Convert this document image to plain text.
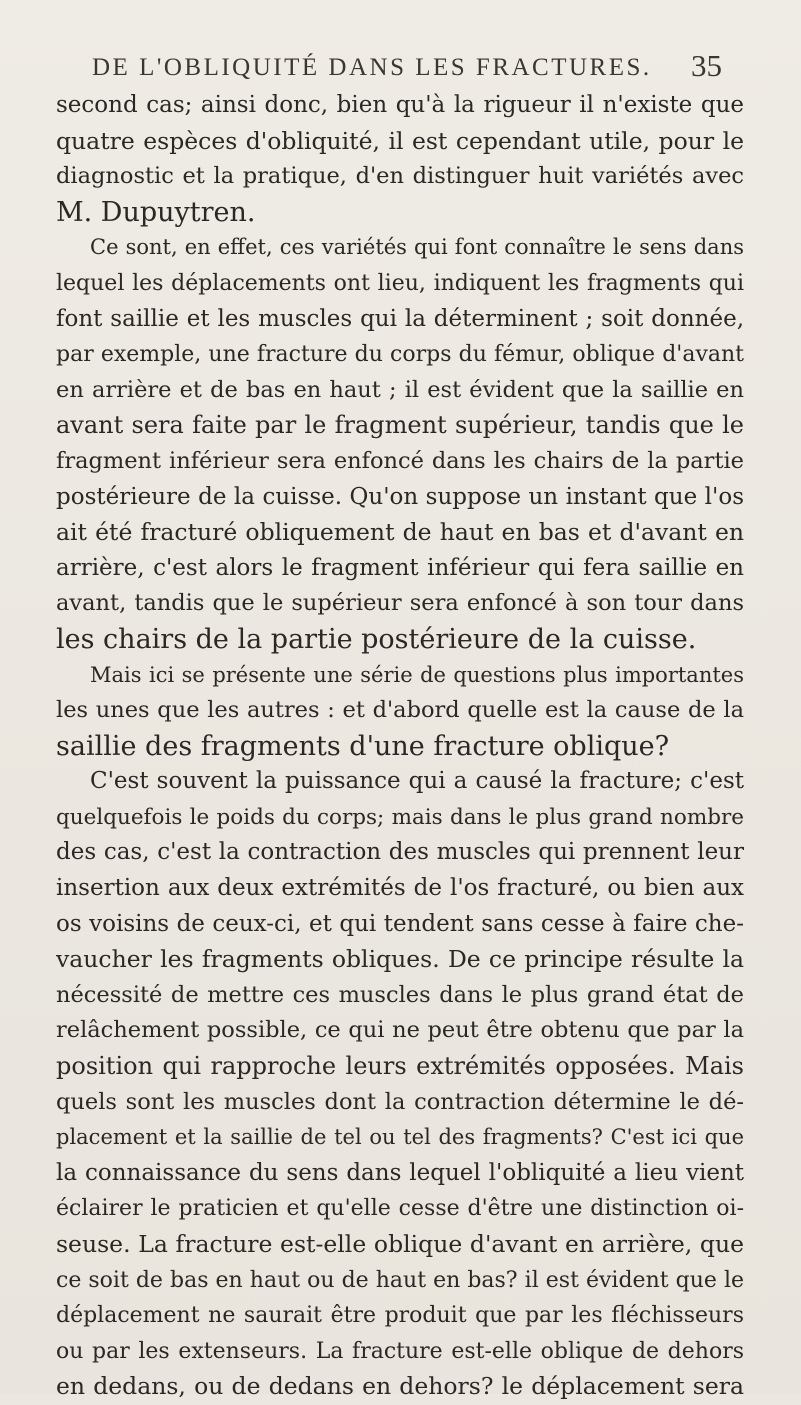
DE L'OBLIQUITÉ DANS LES FRACTURES. 35
second cas; ainsi donc, bien qu'à la rigueur il n'existe que
quatre espèces d'obliquité, il est cependant utile, pour le
diagnostic et la pratique, d'en distinguer huit variétés avec
M. Dupuytren.
Ce sont, en effet, ces variétés qui font connaître le sens dans
lequel les déplacements ont lieu, indiquent les fragments qui
font saillie et les muscles qui la déterminent ; soit donnée,
par exemple, une fracture du corps du fémur, oblique d'avant
en arrière et de bas en haut ; il est évident que la saillie en
avant sera faite par le fragment supérieur, tandis que le
fragment inférieur sera enfoncé dans les chairs de la partie
postérieure de la cuisse. Qu'on suppose un instant que l'os
ait été fracturé obliquement de haut en bas et d'avant en
arrière, c'est alors le fragment inférieur qui fera saillie en
avant, tandis que le supérieur sera enfoncé à son tour dans
les chairs de la partie postérieure de la cuisse.
Mais ici se présente une série de questions plus importantes
les unes que les autres : et d'abord quelle est la cause de la
saillie des fragments d'une fracture oblique?
C'est souvent la puissance qui a causé la fracture; c'est
quelquefois le poids du corps; mais dans le plus grand nombre
des cas, c'est la contraction des muscles qui prennent leur
insertion aux deux extrémités de l'os fracturé, ou bien aux
os voisins de ceux-ci, et qui tendent sans cesse à faire che-
vaucher les fragments obliques. De ce principe résulte la
nécessité de mettre ces muscles dans le plus grand état de
relâchement possible, ce qui ne peut être obtenu que par la
position qui rapproche leurs extrémités opposées. Mais
quels sont les muscles dont la contraction détermine le dé-
placement et la saillie de tel ou tel des fragments? C'est ici que
la connaissance du sens dans lequel l'obliquité a lieu vient
éclairer le praticien et qu'elle cesse d'être une distinction oi-
seuse. La fracture est-elle oblique d'avant en arrière, que
ce soit de bas en haut ou de haut en bas? il est évident que le
déplacement ne saurait être produit que par les fléchisseurs
ou par les extenseurs. La fracture est-elle oblique de dehors
en dedans, ou de dedans en dehors? le déplacement sera
